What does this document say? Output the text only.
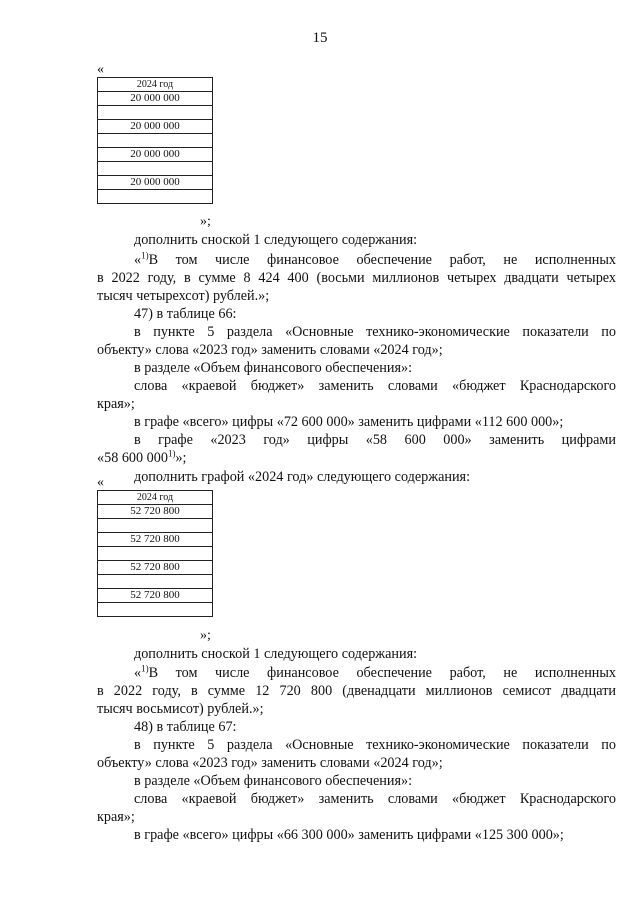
15
«
2024 год
20 000 000

20 000 000

20 000 000

20 000 000

»;
дополнить сноской 1 следующего содержания:
«$^{1)}$В том числе финансовое обеспечение работ, не исполненных
в 2022 году, в сумме 8 424 400 (восьми миллионов четырех двадцати четырех
тысяч четырехсот) рублей.»;
47) в таблице 66:
в пункте 5 раздела «Основные технико-экономические показатели по
объекту» слова «2023 год» заменить словами «2024 год»;
в разделе «Объем финансового обеспечения»:
слова «краевой бюджет» заменить словами «бюджет Краснодарского
края»;
в графе «всего» цифры «72 600 000» заменить цифрами «112 600 000»;
в графе «2023 год» цифры «58 600 000» заменить цифрами
«58 600 000$^{1)}$»;
дополнить графой «2024 год» следующего содержания:
«
2024 год
52 720 800

52 720 800

52 720 800

52 720 800

»;
дополнить сноской 1 следующего содержания:
«$^{1)}$В том числе финансовое обеспечение работ, не исполненных
в 2022 году, в сумме 12 720 800 (двенадцати миллионов семисот двадцати
тысяч восьмисот) рублей.»;
48) в таблице 67:
в пункте 5 раздела «Основные технико-экономические показатели по
объекту» слова «2023 год» заменить словами «2024 год»;
в разделе «Объем финансового обеспечения»:
слова «краевой бюджет» заменить словами «бюджет Краснодарского
края»;
в графе «всего» цифры «66 300 000» заменить цифрами «125 300 000»;
